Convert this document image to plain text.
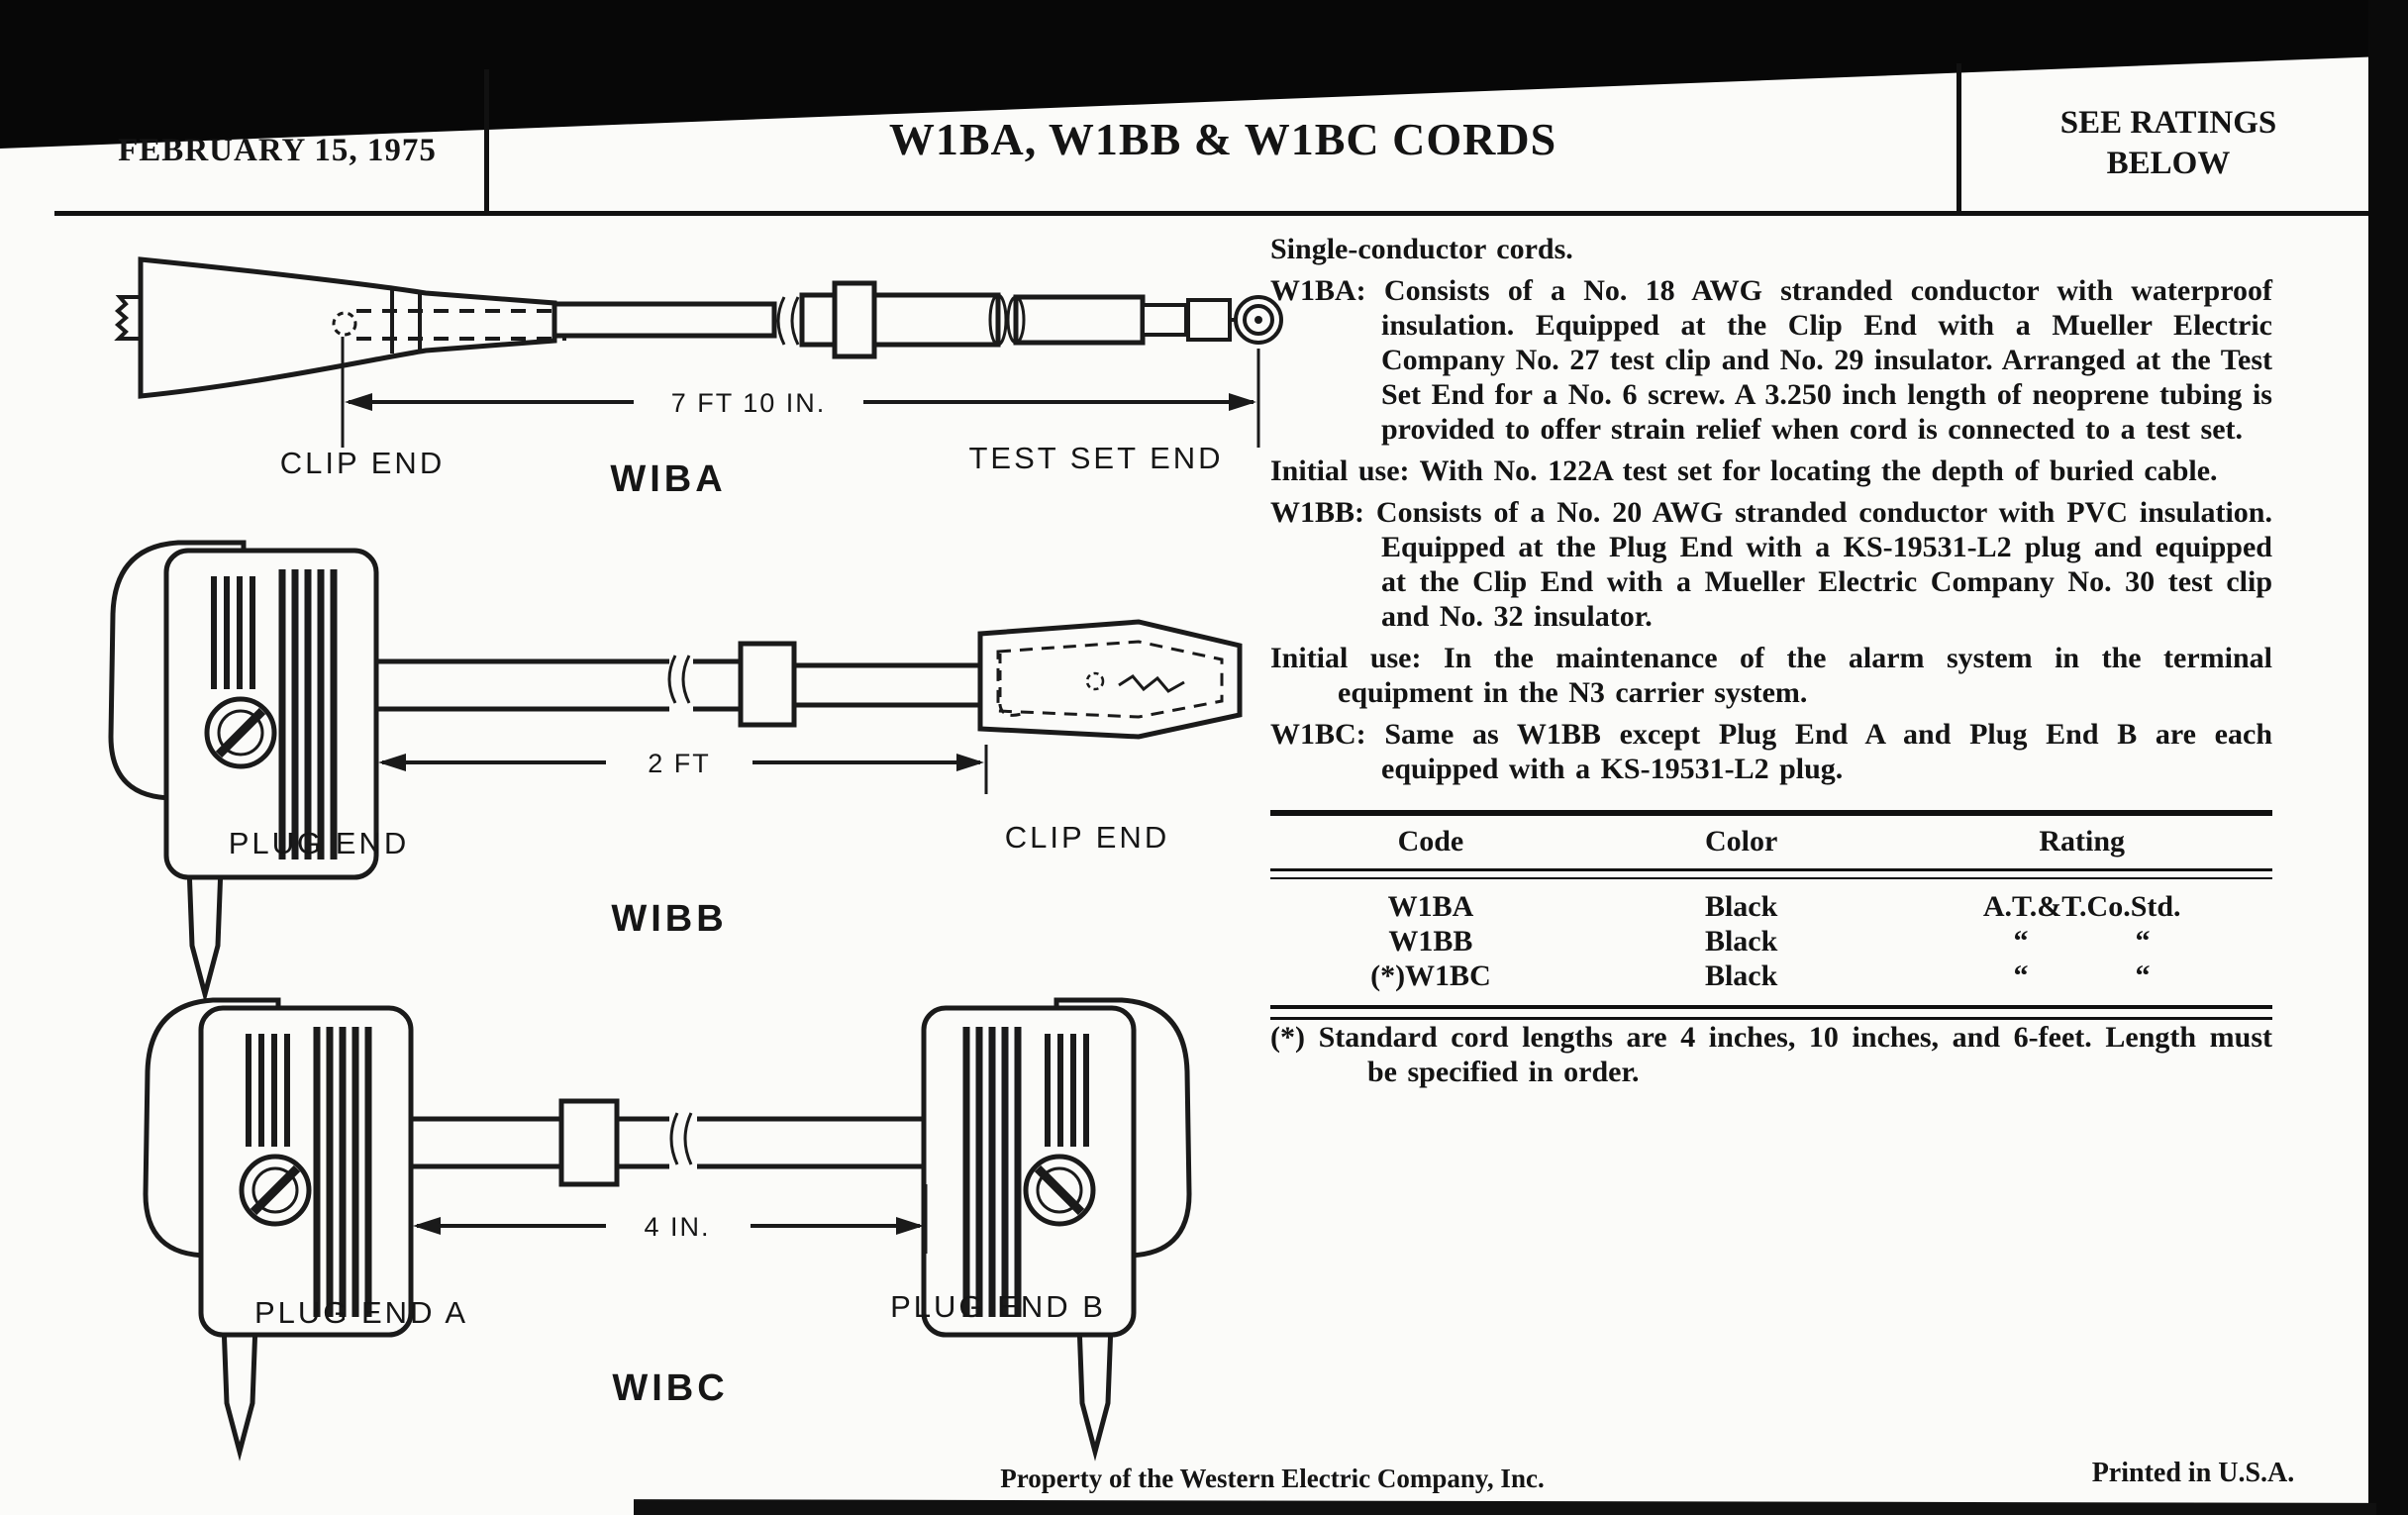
FEBRUARY 15, 1975	W1BA, W1BB & W1BC CORDS	SEE RATINGS
BELOW
7 FT 10 IN.
CLIP END	WIBA
TEST SET END
2 FT
PLUG END	CLIP END
WIBB
4 IN.
PLUG END A	PLUG END B
WIBC

Single-conductor cords.

W1BA: Consists of a No. 18 AWG stranded conductor with waterproof insulation. Equipped at the Clip End with a Mueller Electric Company No. 27 test clip and No. 29 insulator. Arranged at the Test Set End for a No. 6 screw. A 3.250 inch length of neoprene tubing is provided to offer strain relief when cord is connected to a test set.

Initial use: With No. 122A test set for locating the depth of buried cable.

W1BB: Consists of a No. 20 AWG stranded conductor with PVC insulation. Equipped at the Plug End with a KS-19531-L2 plug and equipped at the Clip End with a Mueller Electric Company No. 30 test clip and No. 32 insulator.

Initial use: In the maintenance of the alarm system in the terminal equipment in the N3 carrier system.

W1BC: Same as W1BB except Plug End A and Plug End B are each equipped with a KS-19531-L2 plug.

Code	Color	Rating
W1BA	Black	A.T.&T.Co.Std.
W1BB	Black	“	“
(*)W1BC	Black	“	“

(*) Standard cord lengths are 4 inches, 10 inches, and 6-feet. Length must be specified in order.

Property of the Western Electric Company, Inc.	Printed in U.S.A.
